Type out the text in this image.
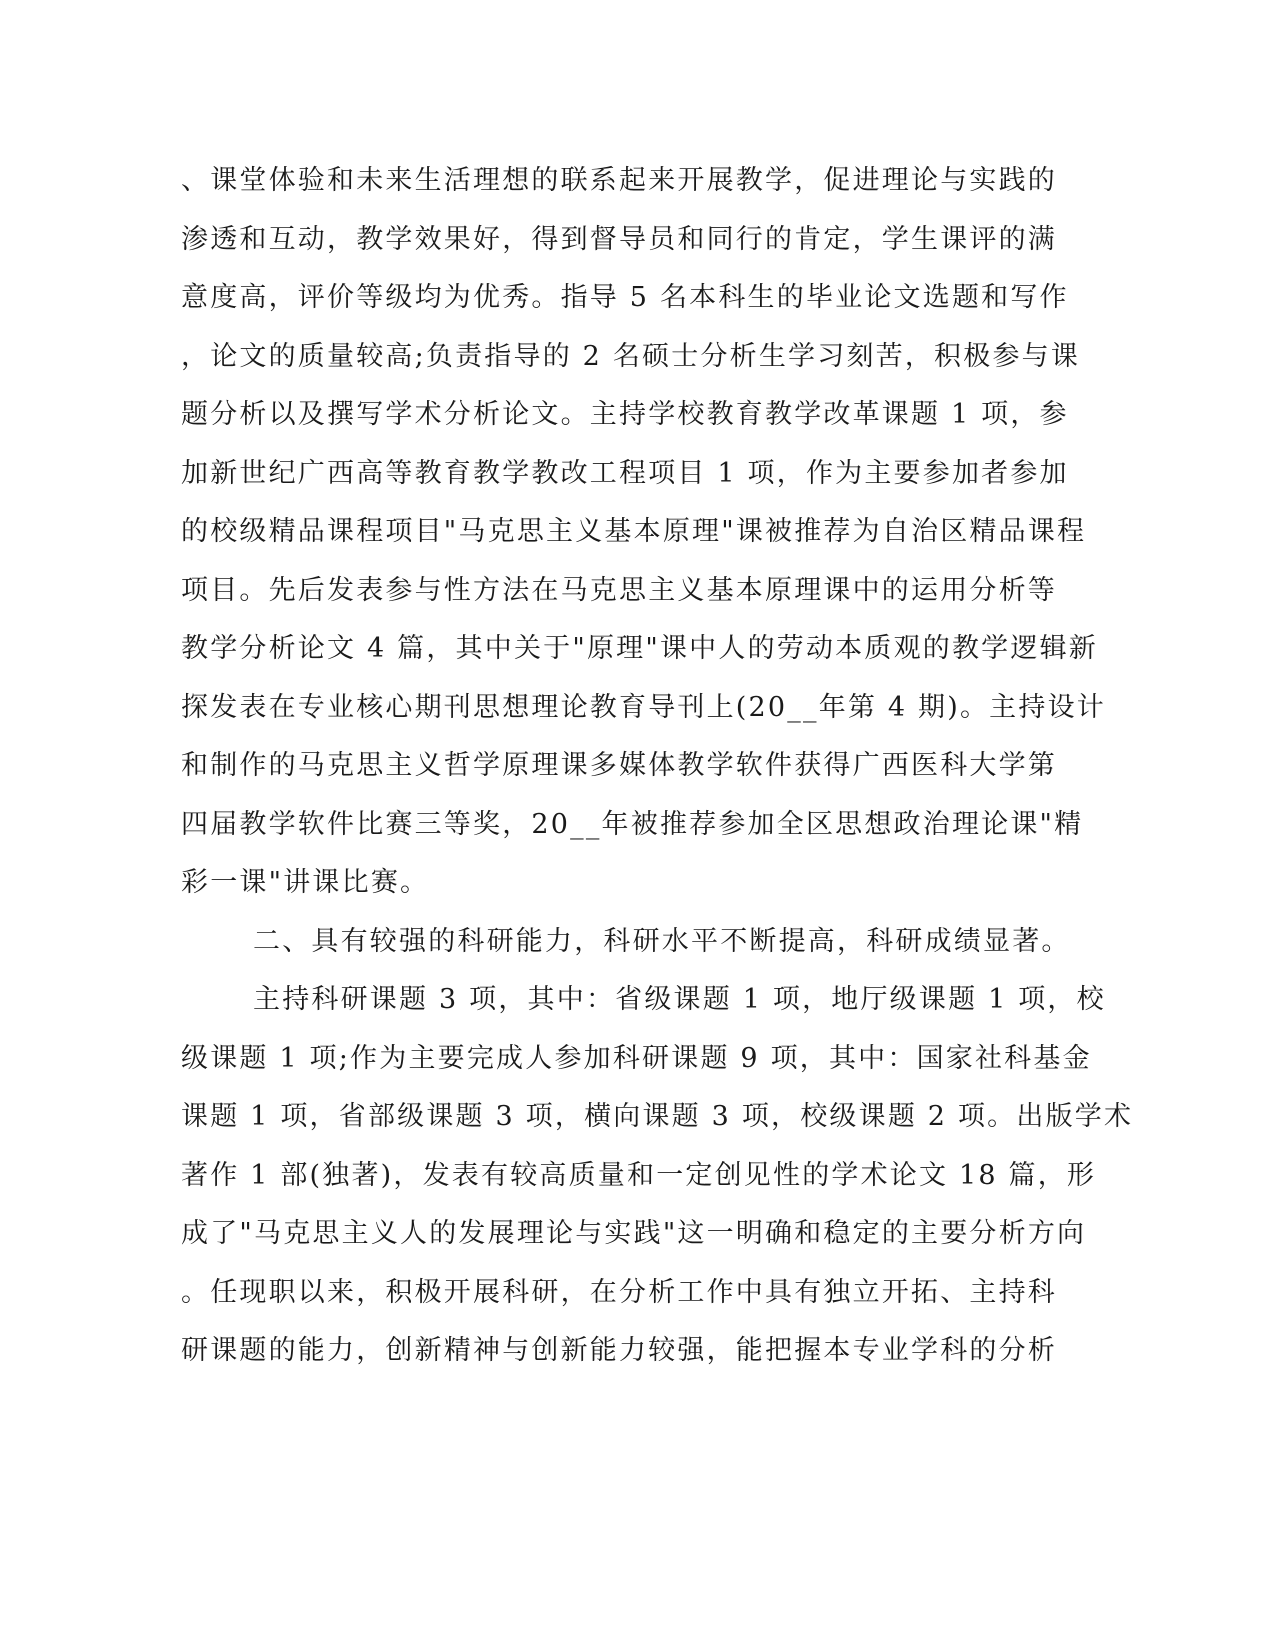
、课堂体验和未来生活理想的联系起来开展教学，促进理论与实践的
渗透和互动，教学效果好，得到督导员和同行的肯定，学生课评的满
意度高，评价等级均为优秀。指导 5 名本科生的毕业论文选题和写作
，论文的质量较高;负责指导的 2 名硕士分析生学习刻苦，积极参与课
题分析以及撰写学术分析论文。主持学校教育教学改革课题 1 项，参
加新世纪广西高等教育教学教改工程项目 1 项，作为主要参加者参加
的校级精品课程项目"马克思主义基本原理"课被推荐为自治区精品课程
项目。先后发表参与性方法在马克思主义基本原理课中的运用分析等
教学分析论文 4 篇，其中关于"原理"课中人的劳动本质观的教学逻辑新
探发表在专业核心期刊思想理论教育导刊上(20__年第 4 期)。主持设计
和制作的马克思主义哲学原理课多媒体教学软件获得广西医科大学第
四届教学软件比赛三等奖，20__年被推荐参加全区思想政治理论课"精
彩一课"讲课比赛。
二、具有较强的科研能力，科研水平不断提高，科研成绩显著。
主持科研课题 3 项，其中：省级课题 1 项，地厅级课题 1 项，校
级课题 1 项;作为主要完成人参加科研课题 9 项，其中：国家社科基金
课题 1 项，省部级课题 3 项，横向课题 3 项，校级课题 2 项。出版学术
著作 1 部(独著)，发表有较高质量和一定创见性的学术论文 18 篇，形
成了"马克思主义人的发展理论与实践"这一明确和稳定的主要分析方向
。任现职以来，积极开展科研，在分析工作中具有独立开拓、主持科
研课题的能力，创新精神与创新能力较强，能把握本专业学科的分析
